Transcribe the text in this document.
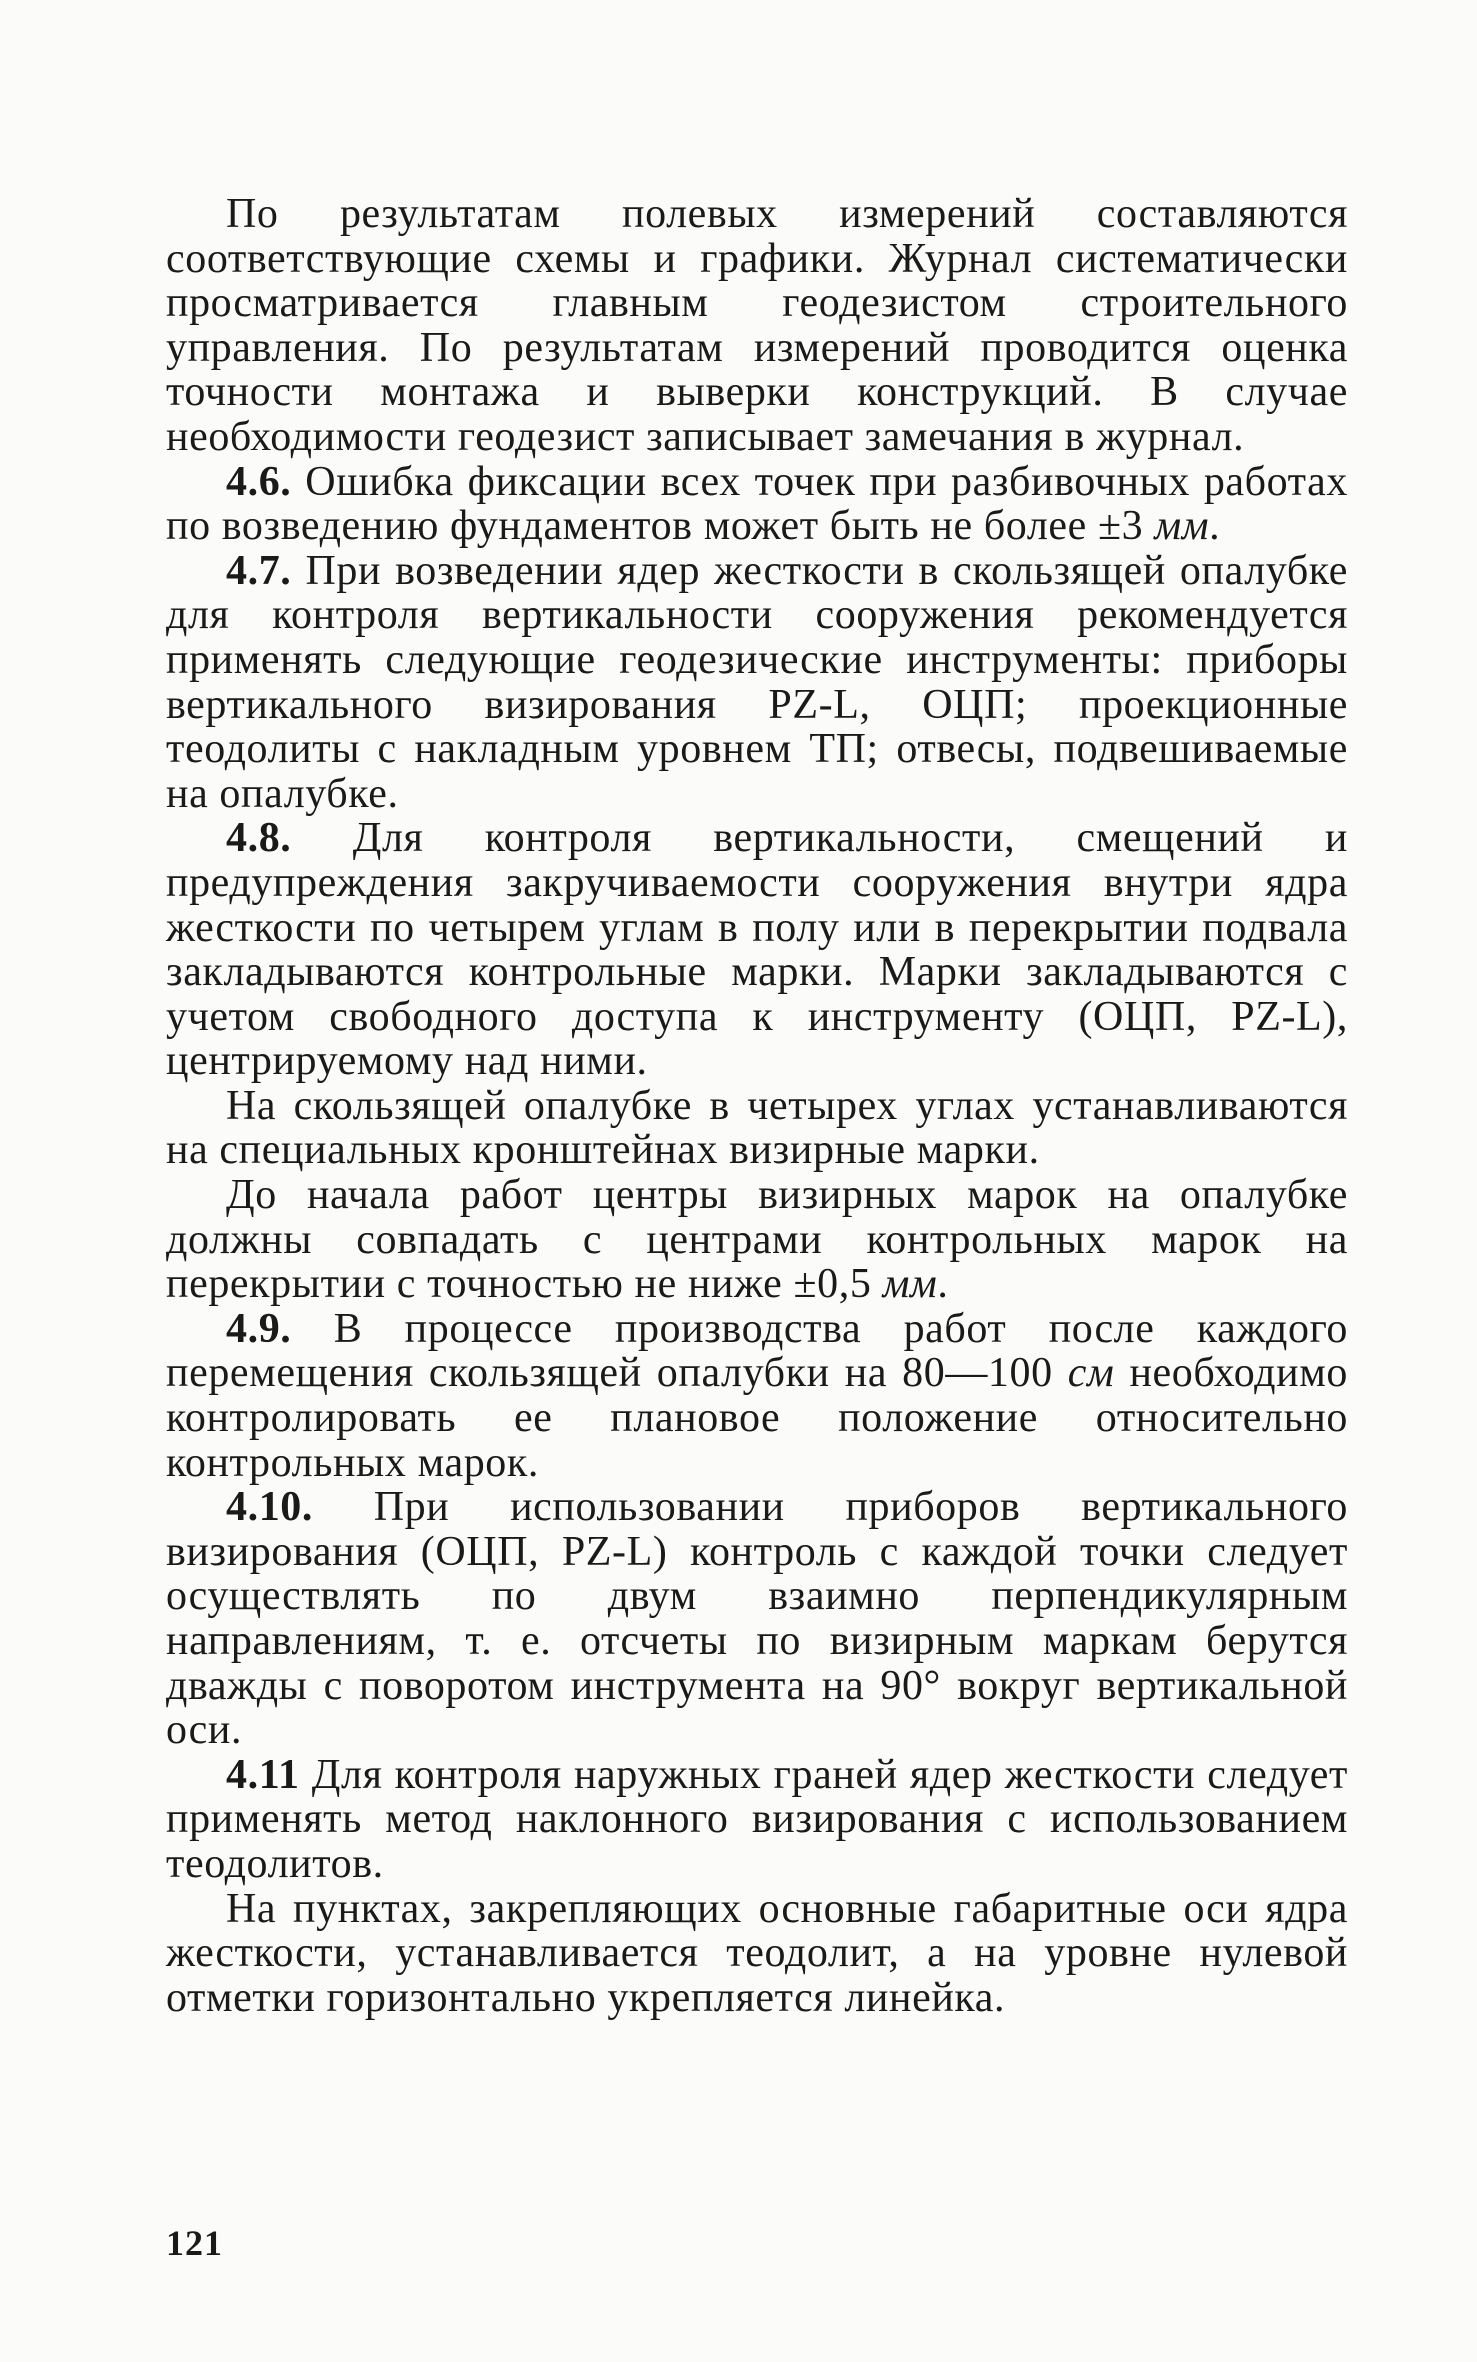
По результатам полевых измерений составляются соответствующие схемы и графики. Журнал систематически просматривается главным геодезистом строительного управления. По результатам измерений проводится оценка точности монтажа и выверки конструкций. В случае необходимости геодезист записывает замечания в журнал.

4.6. Ошибка фиксации всех точек при разбивочных работах по возведению фундаментов может быть не более ±3 мм.

4.7. При возведении ядер жесткости в скользящей опалубке для контроля вертикальности сооружения рекомендуется применять следующие геодезические инструменты: приборы вертикального визирования PZ-L, ОЦП; проекционные теодолиты с накладным уровнем ТП; отвесы, подвешиваемые на опалубке.

4.8. Для контроля вертикальности, смещений и предупреждения закручиваемости сооружения внутри ядра жесткости по четырем углам в полу или в перекрытии подвала закладываются контрольные марки. Марки закладываются с учетом свободного доступа к инструменту (ОЦП, PZ-L), центрируемому над ними.

На скользящей опалубке в четырех углах устанавливаются на специальных кронштейнах визирные марки.

До начала работ центры визирных марок на опалубке должны совпадать с центрами контрольных марок на перекрытии с точностью не ниже ±0,5 мм.

4.9. В процессе производства работ после каждого перемещения скользящей опалубки на 80—100 см необходимо контролировать ее плановое положение относительно контрольных марок.

4.10. При использовании приборов вертикального визирования (ОЦП, PZ-L) контроль с каждой точки следует осуществлять по двум взаимно перпендикулярным направлениям, т. е. отсчеты по визирным маркам берутся дважды с поворотом инструмента на 90° вокруг вертикальной оси.

4.11 Для контроля наружных граней ядер жесткости следует применять метод наклонного визирования с использованием теодолитов.

На пунктах, закрепляющих основные габаритные оси ядра жесткости, устанавливается теодолит, а на уровне нулевой отметки горизонтально укрепляется линейка.

121
